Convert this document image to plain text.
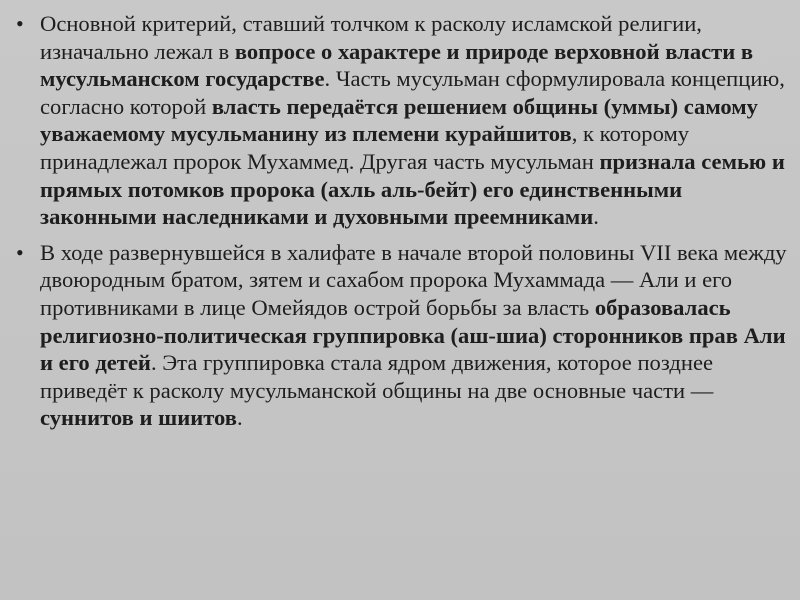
• Основной критерий, ставший толчком к расколу исламской религии, изначально лежал в вопросе о характере и природе верховной власти в мусульманском государстве. Часть мусульман сформулировала концепцию, согласно которой власть передаётся решением общины (уммы) самому уважаемому мусульманину из племени курайшитов, к которому принадлежал пророк Мухаммед. Другая часть мусульман признала семью и прямых потомков пророка (ахль аль-бейт) его единственными законными наследниками и духовными преемниками.
• В ходе развернувшейся в халифате в начале второй половины VII века между двоюродным братом, зятем и сахабом пророка Мухаммада — Али и его противниками в лице Омейядов острой борьбы за власть образовалась религиозно-политическая группировка (аш-шиа) сторонников прав Али и его детей. Эта группировка стала ядром движения, которое позднее приведёт к расколу мусульманской общины на две основные части — суннитов и шиитов.
